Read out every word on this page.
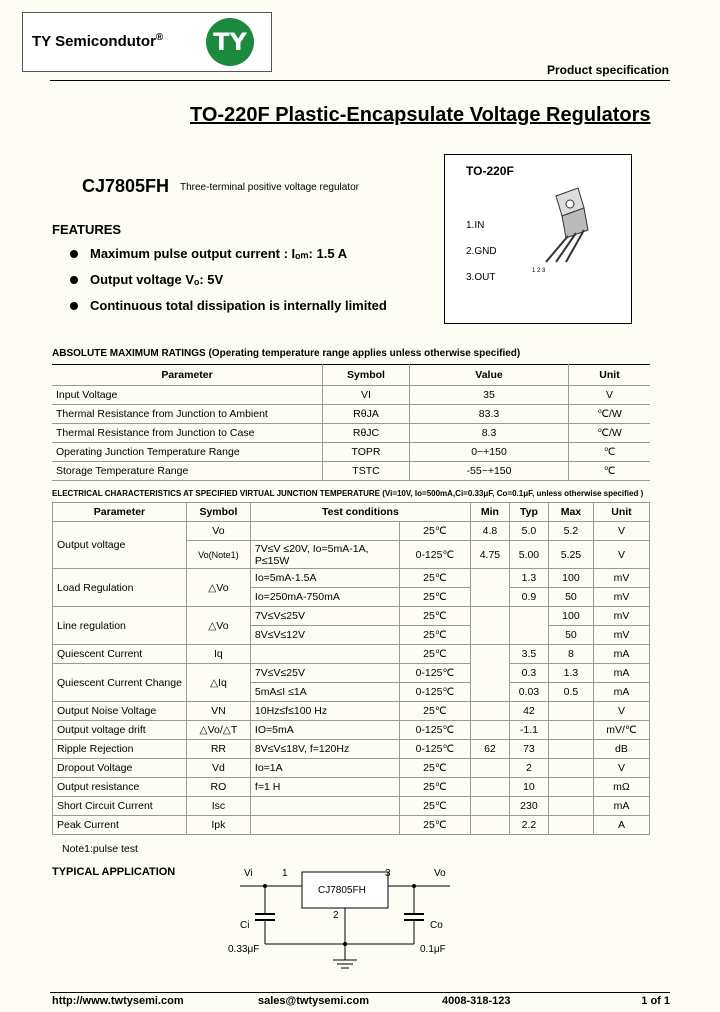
TY Semicondutor® TY
Product specification
TO-220F Plastic-Encapsulate Voltage Regulators
TO-220F
1.IN
2.GND
3.OUT
1 2 3
CJ7805FH Three-terminal positive voltage regulator
FEATURES
Maximum pulse output current : Iₒₘ: 1.5 A
Output voltage Vₒ: 5V
Continuous total dissipation is internally limited
ABSOLUTE MAXIMUM RATINGS (Operating temperature range applies unless otherwise specified)
Parameter	Symbol	Value	Unit
Input Voltage	VI	35	V
Thermal Resistance from Junction to Ambient	RθJA	83.3	℃/W
Thermal Resistance from Junction to Case	RθJC	8.3	℃/W
Operating Junction Temperature Range	TOPR	0~+150	℃
Storage Temperature Range	TSTC	-55~+150	℃
ELECTRICAL CHARACTERISTICS AT SPECIFIED VIRTUAL JUNCTION TEMPERATURE (Vi=10V, Io=500mA,Ci=0.33μF, Co=0.1μF, unless otherwise specified )
Parameter	Symbol	Test conditions		Min	Typ	Max	Unit
Output voltage	Vo		25℃	4.8	5.0	5.2	V
	Vo(Note1)	7V≤V ≤20V, Io=5mA-1A, P≤15W	0-125℃	4.75	5.00	5.25	V
Load Regulation	△Vo	Io=5mA-1.5A	25℃		1.3	100	mV
		Io=250mA-750mA	25℃		0.9	50	mV
Line regulation	△Vo	7V≤V≤25V	25℃			100	mV
		8V≤V≤12V	25℃			50	mV
Quiescent Current	Iq		25℃		3.5	8	mA
Quiescent Current Change	△Iq	7V≤V≤25V	0-125℃		0.3	1.3	mA
		5mA≤I ≤1A	0-125℃		0.03	0.5	mA
Output Noise Voltage	VN	10Hz≤f≤100 Hz	25℃		42		V
Output voltage drift	△Vo/△T	IO=5mA	0-125℃		-1.1		mV/℃
Ripple Rejection	RR	8V≤V≤18V, f=120Hz	0-125℃	62	73		dB
Dropout Voltage	Vd	Io=1A	25℃		2		V
Output resistance	RO	f=1 H	25℃		10		mΩ
Short Circuit Current	Isc		25℃		230		mA
Peak Current	Ipk		25℃		2.2		A
Note1:pulse test
TYPICAL APPLICATION	Vi	1	3	Vo
CJ7805FH
2
Ci
0.33μF
Co
0.1μF
http://www.twtysemi.com	sales@twtysemi.com	4008-318-123	1 of 1
